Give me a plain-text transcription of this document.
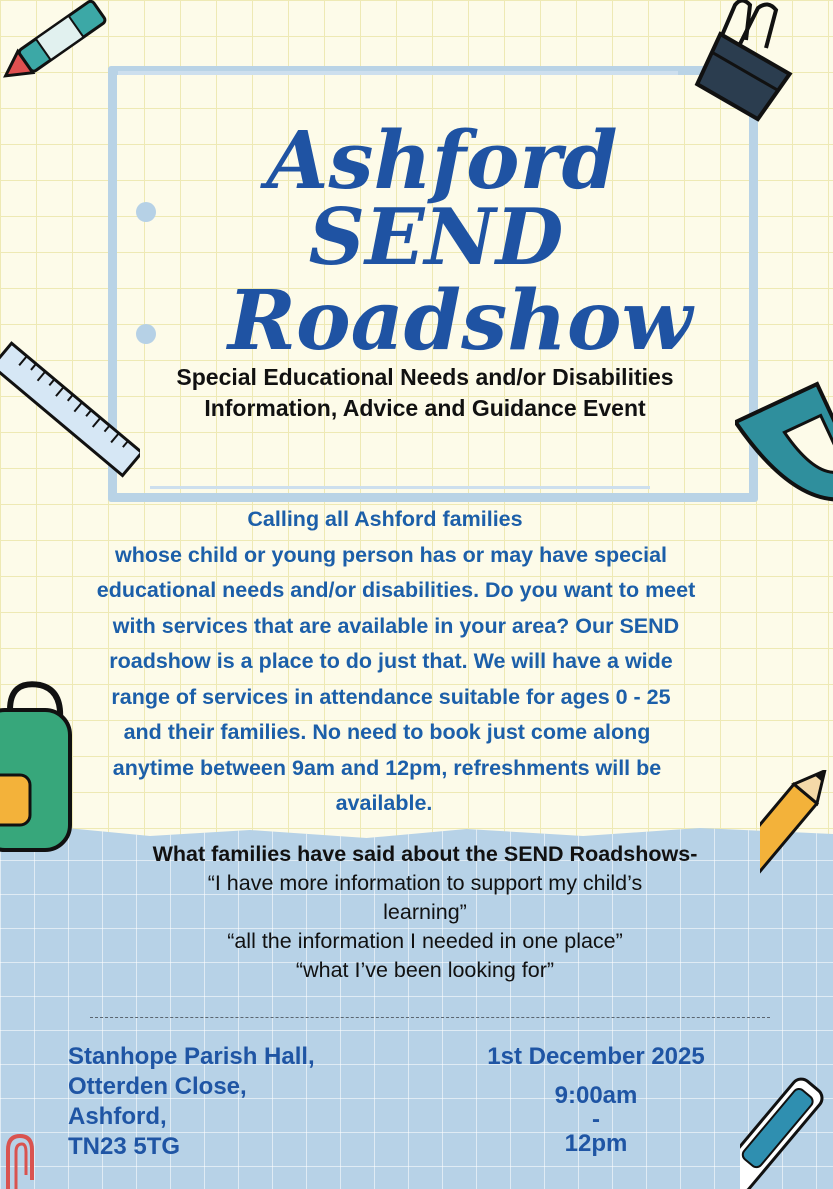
Ashford
SEND
Roadshow

Special Educational Needs and/or Disabilities Information, Advice and Guidance Event

Calling all Ashford families
whose child or young person has or may have special
educational needs and/or disabilities. Do you want to meet
with services that are available in your area? Our SEND
roadshow is a place to do just that. We will have a wide
range of services in attendance suitable for ages 0 - 25
and their families. No need to book just come along
anytime between 9am and 12pm, refreshments will be
available.

What families have said about the SEND Roadshows-
“I have more information to support my child’s learning”
“all the information I needed in one place”
“what I’ve been looking for”
Stanhope Parish Hall,
Otterden Close,
Ashford,
TN23 5TG
1st December 2025
9:00am
-
12pm
